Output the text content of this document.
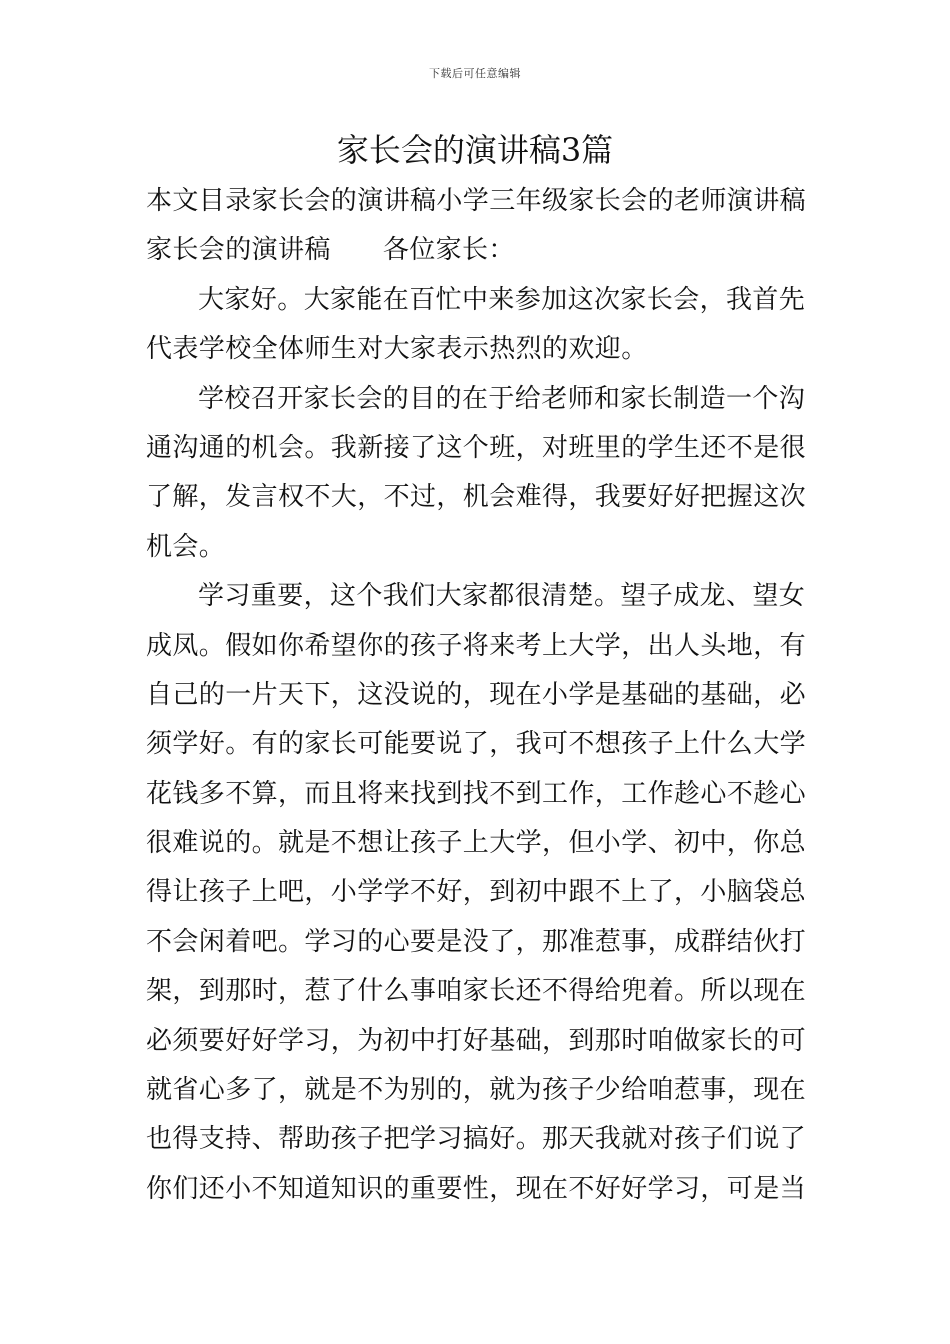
下载后可任意编辑
家长会的演讲稿3篇
本文目录家长会的演讲稿小学三年级家长会的老师演讲稿
家长会的演讲稿 各位家长：
大家好。大家能在百忙中来参加这次家长会，我首先
代表学校全体师生对大家表示热烈的欢迎。
学校召开家长会的目的在于给老师和家长制造一个沟
通沟通的机会。我新接了这个班，对班里的学生还不是很
了解，发言权不大，不过，机会难得，我要好好把握这次
机会。
学习重要，这个我们大家都很清楚。望子成龙、望女
成凤。假如你希望你的孩子将来考上大学，出人头地，有
自己的一片天下，这没说的，现在小学是基础的基础，必
须学好。有的家长可能要说了，我可不想孩子上什么大学
花钱多不算，而且将来找到找不到工作，工作趁心不趁心
很难说的。就是不想让孩子上大学，但小学、初中，你总
得让孩子上吧，小学学不好，到初中跟不上了，小脑袋总
不会闲着吧。学习的心要是没了，那准惹事，成群结伙打
架，到那时，惹了什么事咱家长还不得给兜着。所以现在
必须要好好学习，为初中打好基础，到那时咱做家长的可
就省心多了，就是不为别的，就为孩子少给咱惹事，现在
也得支持、帮助孩子把学习搞好。那天我就对孩子们说了
你们还小不知道知识的重要性，现在不好好学习，可是当
